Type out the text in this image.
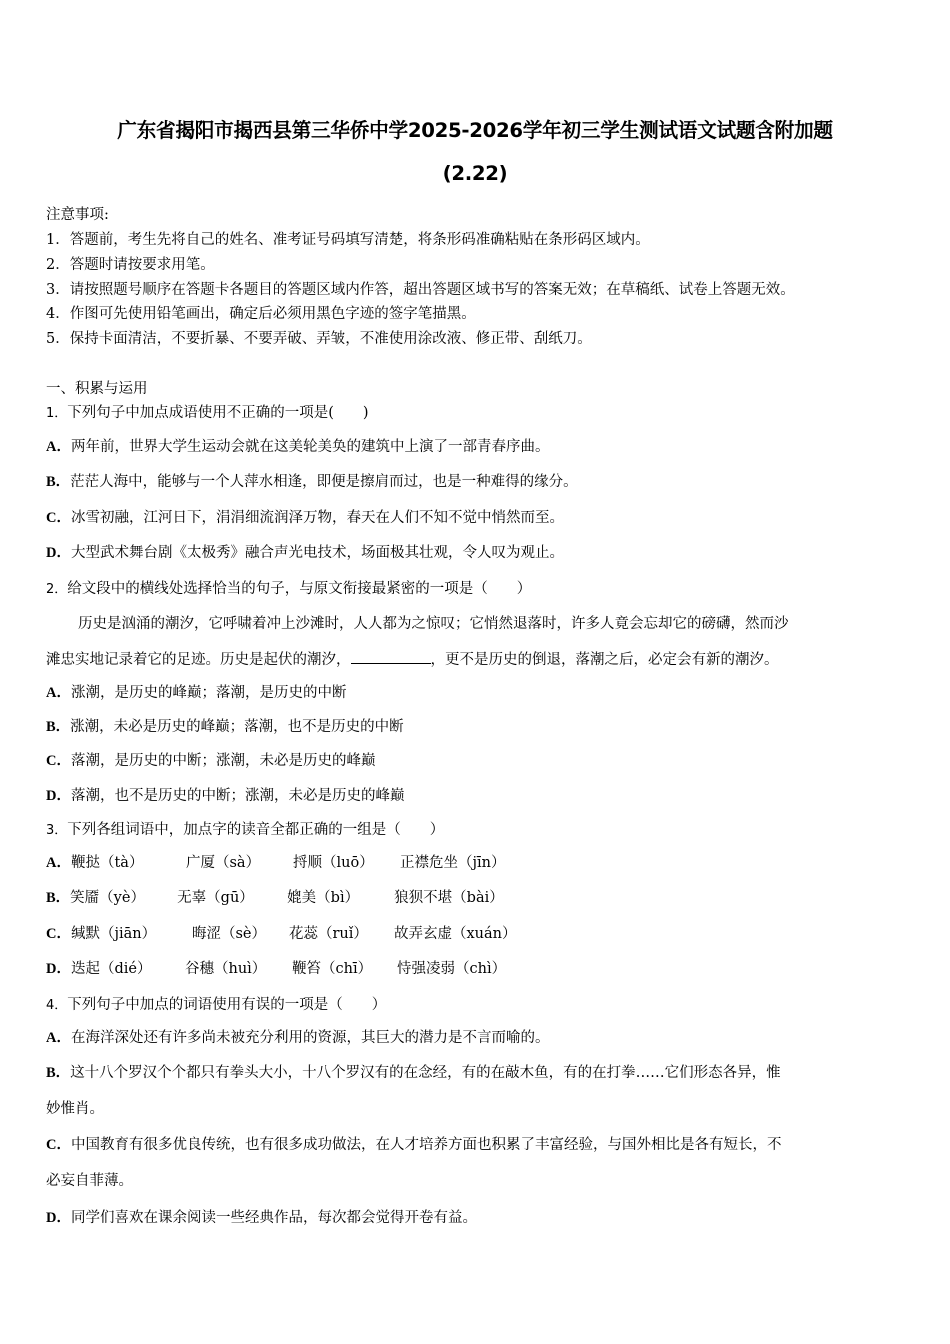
广东省揭阳市揭西县第三华侨中学2025-2026学年初三学生测试语文试题含附加题
(2.22)
注意事项:
1．答题前，考生先将自己的姓名、准考证号码填写清楚，将条形码准确粘贴在条形码区域内。
2．答题时请按要求用笔。
3．请按照题号顺序在答题卡各题目的答题区域内作答，超出答题区域书写的答案无效；在草稿纸、试卷上答题无效。
4．作图可先使用铅笔画出，确定后必须用黑色字迹的签字笔描黑。
5．保持卡面清洁，不要折暴、不要弄破、弄皱，不准使用涂改液、修正带、刮纸刀。
一、积累与运用
1．下列句子中加点成语使用不正确的一项是(　　)
A．两年前，世界大学生运动会就在这美轮美奂的建筑中上演了一部青春序曲。
B．茫茫人海中，能够与一个人萍水相逢，即便是擦肩而过，也是一种难得的缘分。
C．冰雪初融，江河日下，涓涓细流润泽万物，春天在人们不知不觉中悄然而至。
D．大型武术舞台剧《太极秀》融合声光电技术，场面极其壮观，令人叹为观止。
2．给文段中的横线处选择恰当的句子，与原文衔接最紧密的一项是（　　）
历史是汹涌的潮汐，它呼啸着冲上沙滩时，人人都为之惊叹；它悄然退落时，许多人竟会忘却它的磅礴，然而沙
滩忠实地记录着它的足迹。历史是起伏的潮汐，	，更不是历史的倒退，落潮之后，必定会有新的潮汐。
A．涨潮，是历史的峰巅；落潮，是历史的中断
B．涨潮，未必是历史的峰巅；落潮，也不是历史的中断
C．落潮，是历史的中断；涨潮，未必是历史的峰巅
D．落潮，也不是历史的中断；涨潮，未必是历史的峰巅
3．下列各组词语中，加点字的读音全都正确的一组是（　　）
A．鞭挞（tà）	广厦（sà） 捋顺（luō） 正襟危坐（jīn）
B．笑靥（yè） 无辜（gū） 媲美（bì） 狼狈不堪（bài）
C．缄默（jiān） 晦涩（sè） 花蕊（ruǐ） 故弄玄虚（xuán）
D．迭起（dié） 谷穗（huì） 鞭笞（chī） 恃强凌弱（chì）
4．下列句子中加点的词语使用有误的一项是（　　）
A．在海洋深处还有许多尚未被充分利用的资源，其巨大的潜力是不言而喻的。
B．这十八个罗汉个个都只有拳头大小，十八个罗汉有的在念经，有的在敲木鱼，有的在打拳……它们形态各异，惟
妙惟肖。
C．中国教育有很多优良传统，也有很多成功做法，在人才培养方面也积累了丰富经验，与国外相比是各有短长，不
必妄自菲薄。
D．同学们喜欢在课余阅读一些经典作品，每次都会觉得开卷有益。
